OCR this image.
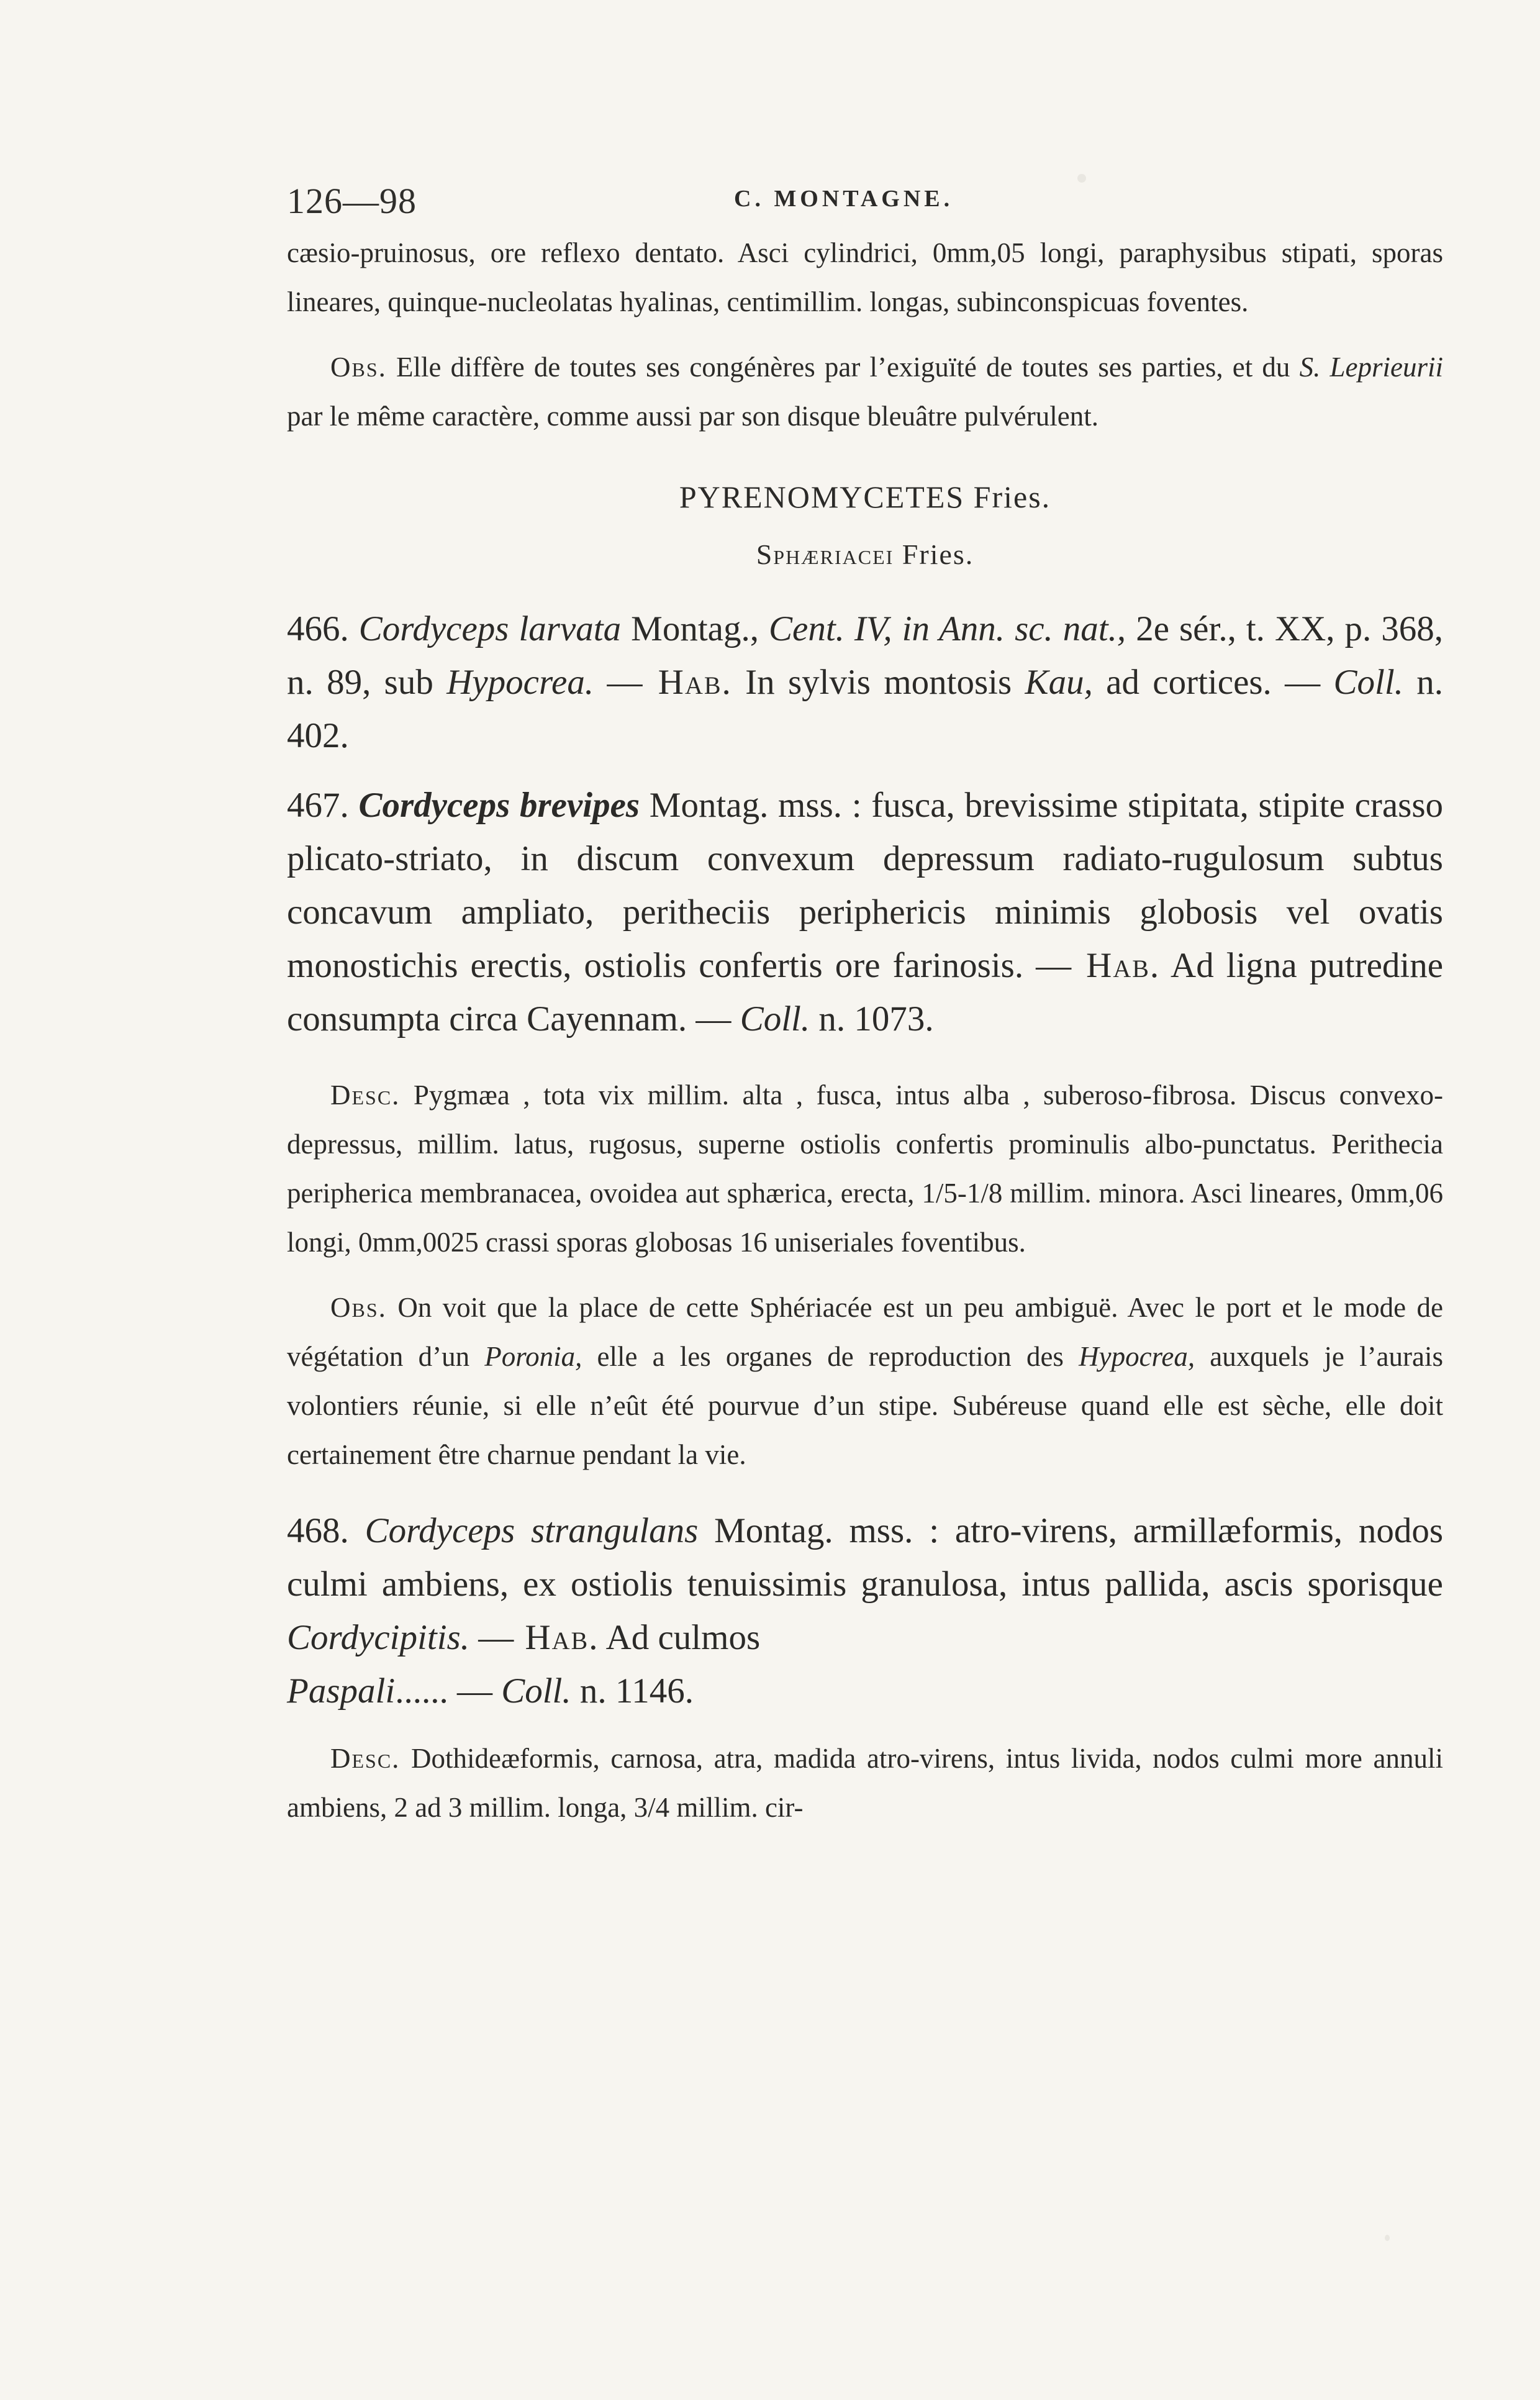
126—98	C. MONTAGNE.

cæsio-pruinosus, ore reflexo dentato. Asci cylindrici, 0mm,05 longi, paraphysibus stipati, sporas lineares, quinque-nucleolatas hyalinas, centimillim. longas, subinconspicuas foventes.

Obs. Elle diffère de toutes ses congénères par l’exiguïté de toutes ses parties, et du S. Leprieurii par le même caractère, comme aussi par son disque bleuâtre pulvérulent.

PYRENOMYCETES Fries.

Sphæriacei Fries.

466. Cordyceps larvata Montag., Cent. IV, in Ann. sc. nat., 2e sér., t. XX, p. 368, n. 89, sub Hypocrea. — Hab. In sylvis montosis Kau, ad cortices. — Coll. n. 402.

467. Cordyceps brevipes Montag. mss. : fusca, brevissime stipitata, stipite crasso plicato-striato, in discum convexum depressum radiato-rugulosum subtus concavum ampliato, peritheciis periphericis minimis globosis vel ovatis monostichis erectis, ostiolis confertis ore farinosis. — Hab. Ad ligna putredine consumpta circa Cayennam. — Coll. n. 1073.

Desc. Pygmæa , tota vix millim. alta , fusca, intus alba , suberoso-fibrosa. Discus convexo-depressus, millim. latus, rugosus, superne ostiolis confertis prominulis albo-punctatus. Perithecia peripherica membranacea, ovoidea aut sphærica, erecta, 1/5-1/8 millim. minora. Asci lineares, 0mm,06 longi, 0mm,0025 crassi sporas globosas 16 uniseriales foventibus.

Obs. On voit que la place de cette Sphériacée est un peu ambiguë. Avec le port et le mode de végétation d’un Poronia, elle a les organes de reproduction des Hypocrea, auxquels je l’aurais volontiers réunie, si elle n’eût été pourvue d’un stipe. Subéreuse quand elle est sèche, elle doit certainement être charnue pendant la vie.

468. Cordyceps strangulans Montag. mss. : atro-virens, armillæformis, nodos culmi ambiens, ex ostiolis tenuissimis granulosa, intus pallida, ascis sporisque Cordycipitis. — Hab. Ad culmos
Paspali...... — Coll. n. 1146.

Desc. Dothideæformis, carnosa, atra, madida atro-virens, intus livida, nodos culmi more annuli ambiens, 2 ad 3 millim. longa, 3/4 millim. cir-
